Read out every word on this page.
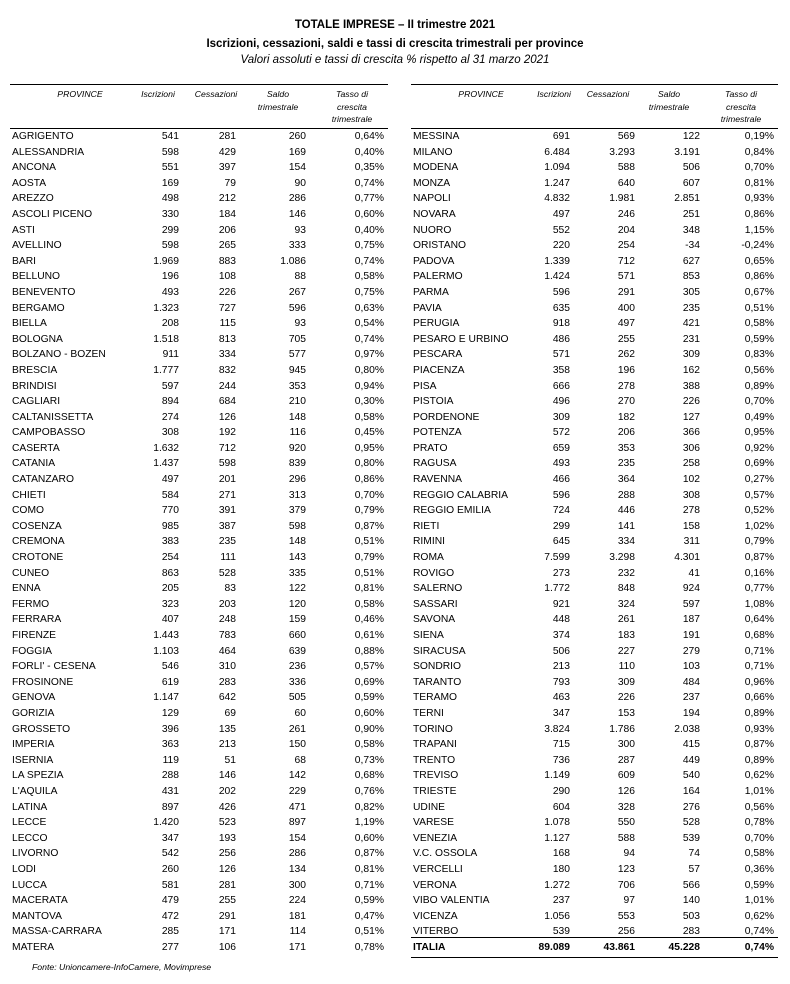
TOTALE IMPRESE – II trimestre 2021
Iscrizioni, cessazioni, saldi e tassi di crescita trimestrali per province
Valori assoluti e tassi di crescita % rispetto al 31 marzo 2021
PROVINCE	Iscrizioni	Cessazioni	Saldo trimestrale
Tasso di crescita trimestrale
AGRIGENTO	541	281	260	0,64%
ALESSANDRIA	598	429	169	0,40%
ANCONA	551	397	154	0,35%
AOSTA	169	79	90	0,74%
AREZZO	498	212	286	0,77%
ASCOLI PICENO	330	184	146	0,60%
ASTI	299	206	93	0,40%
AVELLINO	598	265	333	0,75%
BARI	1.969	883	1.086	0,74%
BELLUNO	196	108	88	0,58%
BENEVENTO	493	226	267	0,75%
BERGAMO	1.323	727	596	0,63%
BIELLA	208	115	93	0,54%
BOLOGNA	1.518	813	705	0,74%
BOLZANO - BOZEN	911	334	577	0,97%
BRESCIA	1.777	832	945	0,80%
BRINDISI	597	244	353	0,94%
CAGLIARI	894	684	210	0,30%
CALTANISSETTA	274	126	148	0,58%
CAMPOBASSO	308	192	116	0,45%
CASERTA	1.632	712	920	0,95%
CATANIA	1.437	598	839	0,80%
CATANZARO	497	201	296	0,86%
CHIETI	584	271	313	0,70%
COMO	770	391	379	0,79%
COSENZA	985	387	598	0,87%
CREMONA	383	235	148	0,51%
CROTONE	254	111	143	0,79%
CUNEO	863	528	335	0,51%
ENNA	205	83	122	0,81%
FERMO	323	203	120	0,58%
FERRARA	407	248	159	0,46%
FIRENZE	1.443	783	660	0,61%
FOGGIA	1.103	464	639	0,88%
FORLI' - CESENA	546	310	236	0,57%
FROSINONE	619	283	336	0,69%
GENOVA	1.147	642	505	0,59%
GORIZIA	129	69	60	0,60%
GROSSETO	396	135	261	0,90%
IMPERIA	363	213	150	0,58%
ISERNIA	119	51	68	0,73%
LA SPEZIA	288	146	142	0,68%
L'AQUILA	431	202	229	0,76%
LATINA	897	426	471	0,82%
LECCE	1.420	523	897	1,19%
LECCO	347	193	154	0,60%
LIVORNO	542	256	286	0,87%
LODI	260	126	134	0,81%
LUCCA	581	281	300	0,71%
MACERATA	479	255	224	0,59%
MANTOVA	472	291	181	0,47%
MASSA-CARRARA	285	171	114	0,51%
MATERA	277	106	171	0,78%
PROVINCE	Iscrizioni	Cessazioni	Saldo trimestrale
Tasso di crescita trimestrale
MESSINA	691	569	122	0,19%
MILANO	6.484	3.293	3.191	0,84%
MODENA	1.094	588	506	0,70%
MONZA	1.247	640	607	0,81%
NAPOLI	4.832	1.981	2.851	0,93%
NOVARA	497	246	251	0,86%
NUORO	552	204	348	1,15%
ORISTANO	220	254	-34	-0,24%
PADOVA	1.339	712	627	0,65%
PALERMO	1.424	571	853	0,86%
PARMA	596	291	305	0,67%
PAVIA	635	400	235	0,51%
PERUGIA	918	497	421	0,58%
PESARO E URBINO	486	255	231	0,59%
PESCARA	571	262	309	0,83%
PIACENZA	358	196	162	0,56%
PISA	666	278	388	0,89%
PISTOIA	496	270	226	0,70%
PORDENONE	309	182	127	0,49%
POTENZA	572	206	366	0,95%
PRATO	659	353	306	0,92%
RAGUSA	493	235	258	0,69%
RAVENNA	466	364	102	0,27%
REGGIO CALABRIA	596	288	308	0,57%
REGGIO EMILIA	724	446	278	0,52%
RIETI	299	141	158	1,02%
RIMINI	645	334	311	0,79%
ROMA	7.599	3.298	4.301	0,87%
ROVIGO	273	232	41	0,16%
SALERNO	1.772	848	924	0,77%
SASSARI	921	324	597	1,08%
SAVONA	448	261	187	0,64%
SIENA	374	183	191	0,68%
SIRACUSA	506	227	279	0,71%
SONDRIO	213	110	103	0,71%
TARANTO	793	309	484	0,96%
TERAMO	463	226	237	0,66%
TERNI	347	153	194	0,89%
TORINO	3.824	1.786	2.038	0,93%
TRAPANI	715	300	415	0,87%
TRENTO	736	287	449	0,89%
TREVISO	1.149	609	540	0,62%
TRIESTE	290	126	164	1,01%
UDINE	604	328	276	0,56%
VARESE	1.078	550	528	0,78%
VENEZIA	1.127	588	539	0,70%
V.C. OSSOLA	168	94	74	0,58%
VERCELLI	180	123	57	0,36%
VERONA	1.272	706	566	0,59%
VIBO VALENTIA	237	97	140	1,01%
VICENZA	1.056	553	503	0,62%
VITERBO	539	256	283	0,74%
ITALIA	89.089	43.861	45.228	0,74%
Fonte: Unioncamere-InfoCamere, Movimprese
